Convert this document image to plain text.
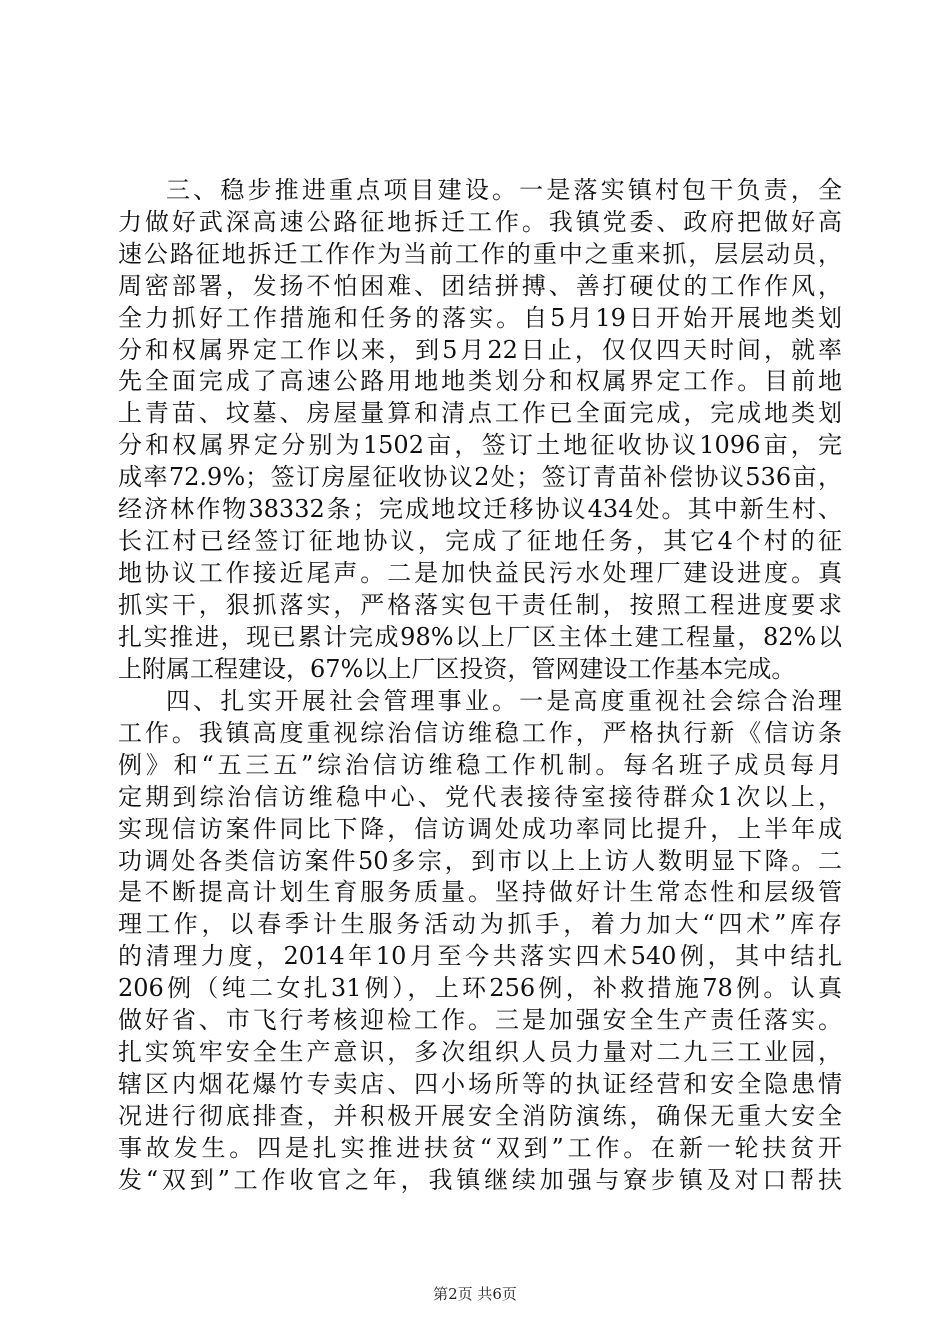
三、稳步推进重点项目建设。一是落实镇村包干负责，全
力做好武深高速公路征地拆迁工作。我镇党委、政府把做好高
速公路征地拆迁工作作为当前工作的重中之重来抓，层层动员，
周密部署，发扬不怕困难、团结拼搏、善打硬仗的工作作风，
全力抓好工作措施和任务的落实。自5月19日开始开展地类划
分和权属界定工作以来，到5月22日止，仅仅四天时间，就率
先全面完成了高速公路用地地类划分和权属界定工作。目前地
上青苗、坟墓、房屋量算和清点工作已全面完成，完成地类划
分和权属界定分别为1502亩，签订土地征收协议1096亩，完
成率72.9%；签订房屋征收协议2处；签订青苗补偿协议536亩，
经济林作物38332条；完成地坟迁移协议434处。其中新生村、
长江村已经签订征地协议，完成了征地任务，其它4个村的征
地协议工作接近尾声。二是加快益民污水处理厂建设进度。真
抓实干，狠抓落实，严格落实包干责任制，按照工程进度要求
扎实推进，现已累计完成98%以上厂区主体土建工程量，82%以
上附属工程建设，67%以上厂区投资，管网建设工作基本完成。
四、扎实开展社会管理事业。一是高度重视社会综合治理
工作。我镇高度重视综治信访维稳工作，严格执行新《信访条
例》和“五三五”综治信访维稳工作机制。每名班子成员每月
定期到综治信访维稳中心、党代表接待室接待群众1次以上，
实现信访案件同比下降，信访调处成功率同比提升，上半年成
功调处各类信访案件50多宗，到市以上上访人数明显下降。二
是不断提高计划生育服务质量。坚持做好计生常态性和层级管
理工作，以春季计生服务活动为抓手，着力加大“四术”库存
的清理力度，2014年10月至今共落实四术540例，其中结扎
206例（纯二女扎31例），上环256例，补救措施78例。认真
做好省、市飞行考核迎检工作。三是加强安全生产责任落实。
扎实筑牢安全生产意识，多次组织人员力量对二九三工业园，
辖区内烟花爆竹专卖店、四小场所等的执证经营和安全隐患情
况进行彻底排查，并积极开展安全消防演练，确保无重大安全
事故发生。四是扎实推进扶贫“双到”工作。在新一轮扶贫开
发“双到”工作收官之年，我镇继续加强与寮步镇及对口帮扶
第2页 共6页
